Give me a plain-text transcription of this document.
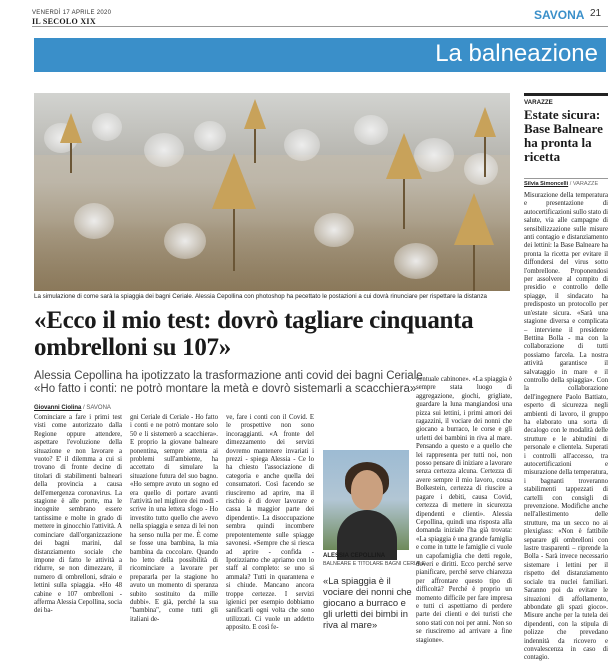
VENERDÌ 17 APRILE 2020
IL SECOLO XIX	SAVONA 21
La balneazione
La simulazione di come sarà la spiaggia dei bagni Ceriale. Alessia Cepollina con photoshop ha pecettato le postazioni a cui dovrà rinunciare per rispettare la distanza
«Ecco il mio test: dovrò tagliare cinquanta ombrelloni su 107»
Alessia Cepollina ha ipotizzato la trasformazione anti covid dei bagni Ceriale
«Ho fatto i conti: ne potrò montare la metà e dovrò sistemarli a scacchiera»
Giovanni Ciolina / SAVONA
Cominciare a fare i primi test visti come autorizzato dalla Regione oppure attendere, aspettare l'evoluzione della situazione e non lavorare a vuoto? E' il dilemma a cui si trovano di fronte decine di titolari di stabilimenti balneari della provincia a causa dell'emergenza coronavirus. La stagione è alle porte, ma le incognite sembrano essere tantissime e molte in grado di mettere in ginocchio l'attività. A cominciare dall'organizzazione dei bagni marini, dal distanziamento sociale che impone di fatto le attività a ridurre, se non dimezzare, il numero di ombrelloni, sdraio e lettini sulla spiaggia. «Ho 48 cabine e 107 ombrelloni - afferma Alessia Cepollina, socia dei ba-
gni Ceriale di Ceriale - Ho fatto i conti e ne potrò montare solo 50 e li sistemerò a scacchiera». E proprio la giovane balneare ponentina, sempre attenta ai problemi sull'ambiente, ha accettato di simulare la situazione futura del suo bagno. «Ho sempre avuto un sogno ed era quello di portare avanti l'attività nel migliore dei modi - scrive in una lettera sfogo - Ho investito tutto quello che avevo nella spiaggia e senza di lei non ha senso nulla per me. È come se fosse una bambina, la mia bambina da coccolare. Quando ho letto della possibilità di ricominciare a lavorare per prepararla per la stagione ho avuto un momento di speranza subito sostituito da mille dubbi». E già, perché la sua "bambina", come tutti gli italiani de-
ve, fare i conti con il Covid. E le prospettive non sono incoraggianti. «A fronte del dimezzamento dei servizi dovremo mantenere invariati i prezzi - spiega Alessia - Ce lo ha chiesto l'associazione di categoria e anche quella dei consumatori. Così facendo se riusciremo ad aprire, ma il rischio è di dover lavorare e cassa la maggior parte dei dipendenti». La disoccupazione sembra quindi incombere prepotentemente sulle spiagge savonesi. «Sempre che si riesca ad aprire - confida - Ipotizziamo che apriamo con lo staff al completo: se uno si ammala? Tutti in quarantena e si chiude. Mancano ancora troppe certezze. I servizi igienici per esempio dobbiamo sanificarli ogni volta che sono utilizzati. Ci vuole un addetto apposito. E così fe-
ventuale cabinone». «La spiaggia è sempre stata luogo di aggregazione, giochi, grigliate, guardare la luna mangiandosi una pizza sui lettini, i primi amori dei ragazzini, il vociare dei nonni che giocano a burraco, le corse e gli urletti dei bambini in riva al mare. Pensando a questo e a quello che lei rappresenta per tutti noi, non posso pensare di iniziare a lavorare senza certezza alcuna. Certezza di avere sempre il mio lavoro, cousa Bolkestein, certezza di riuscire a pagare i debiti, causa Covid, certezza di mettere in sicurezza dipendenti e clienti». Alessia Cepollina, quindi una risposta alla domanda iniziale l'ha già trovata: «La spiaggia è una grande famiglia e come in tutte le famiglie ci vuole un capofamiglia che detti regole, doveri e diritti. Ecco perché serve pianificare, perché serve chiarezza per affrontare questo tipo di difficoltà? Perché è proprio un momento difficile per fare impresa e tutti ci aspettiamo di perdere parte dei clienti e dei turisti che sono stati con noi per anni. Non so se riusciremo ad arrivare a fine stagione».
ALESSIA CEPOLLINA
BALNEARE E TITOLARE BAGNI CERIALE
«La spiaggia è il vociare dei nonni che giocano a burraco e gli urletti dei bimbi in riva al mare»
VARAZZE
Estate sicura: Base Balneare ha pronta la ricetta
Silvia Simoncelli / VARAZZE
Misurazione della temperatura e presentazione di autocertificazioni sullo stato di salute, via alle campagne di sensibilizzazione sulle misure anti contagio e distanziamento dei lettini: la Base Balneare ha pronta la ricetta per evitare il diffondersi del virus sotto l'ombrellone. Proponendosi per assolvere al compito di presidio e controllo delle spiagge, il sindacato ha predisposto un protocollo per un'estate sicura. «Sarà una stagione diversa e complicata – interviene il presidente Bettina Bolla - ma con la collaborazione di tutti possiamo farcela. La nostra attività garantisce il salvataggio in mare e il controllo della spiaggia». Con la collaborazione dell'ingegnere Paolo Battiato, esperto di sicurezza negli ambienti di lavoro, il gruppo ha elaborato una sorta di decalogo con le modalità delle strutture e le abitudini di personale e clientela. Superati i controlli all'accesso, tra autocertificazioni e misurazione della temperatura, i bagnanti troveranno stabilimenti tappezzati di cartelli con consigli di prevenzione. Modifiche anche nell'allestimento delle strutture, ma un secco no ai plexiglass: «Non è fattibile separare gli ombrelloni con lastre trasparenti – riprende la Bolla - Sarà invece necessario sistemare i lettini per il rispetto del distanziamento sociale tra nuclei familiari. Saranno poi da evitare le situazioni di affollamento, abbondate gli spazi gioco». Misure anche per la tutela dei dipendenti, con la stipula di polizze che prevedano indennità da ricovero e convalescenza in caso di contagio.
